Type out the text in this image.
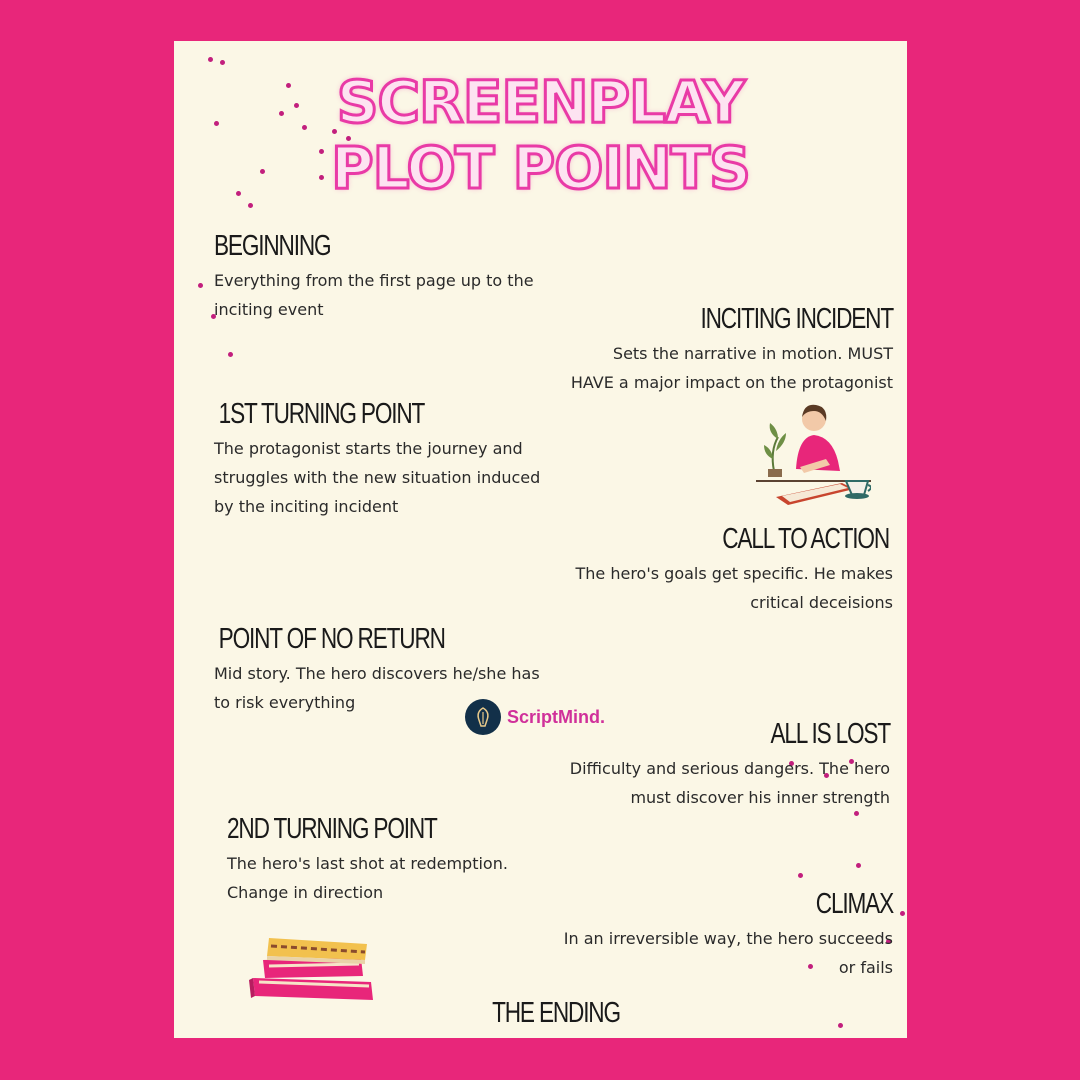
SCREENPLAY
PLOT POINTS
BEGINNING
Everything from the first page up to the
inciting event	INCITING INCIDENT
Sets the narrative in motion. MUST
HAVE a major impact on the protagonist
1ST TURNING POINT
The protagonist starts the journey and
struggles with the new situation induced
by the inciting incident
CALL TO ACTION
The hero's goals get specific. He makes
critical deceisions
POINT OF NO RETURN
Mid story. The hero discovers he/she has
to risk everything
ScriptMind.
ALL IS LOST
Difficulty and serious dangers. The hero
must discover his inner strength
2ND TURNING POINT
The hero's last shot at redemption.
Change in direction	CLIMAX
In an irreversible way, the hero succeeds
or fails
THE ENDING
